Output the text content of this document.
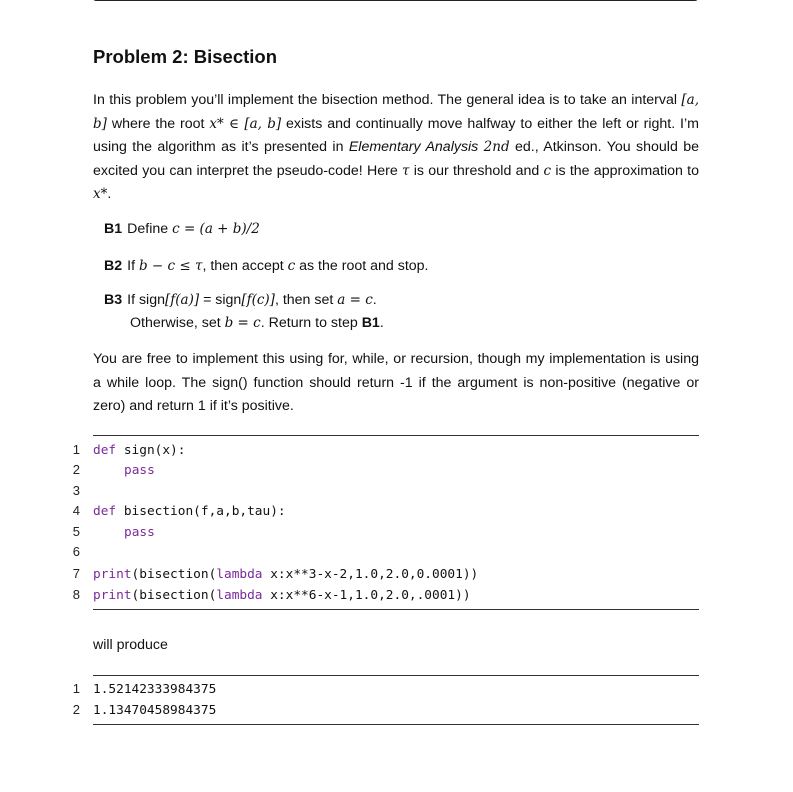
Problem 2: Bisection

In this problem you’ll implement the bisection method. The general idea is to take an interval [a, b] where the root x* ∈ [a, b] exists and continually move halfway to either the left or right. I’m using the algorithm as it’s presented in Elementary Analysis 2nd ed., Atkinson. You should be excited you can interpret the pseudo-code! Here τ is our threshold and c is the approximation to x*.

B1 Define c = (a + b)/2
B2 If b − c ≤ τ, then accept c as the root and stop.
B3 If sign[f(a)] = sign[f(c)], then set a = c.
Otherwise, set b = c. Return to step B1.

You are free to implement this using for, while, or recursion, though my implementation is using a while loop. The sign() function should return -1 if the argument is non-positive (negative or zero) and return 1 if it’s positive.

1 def sign(x):
2	pass
3
4 def bisection(f,a,b,tau):
5	pass
6
7 print(bisection(lambda x:x**3-x-2,1.0,2.0,0.0001))
8 print(bisection(lambda x:x**6-x-1,1.0,2.0,.0001))
will produce
1 1.52142333984375
2 1.13470458984375
